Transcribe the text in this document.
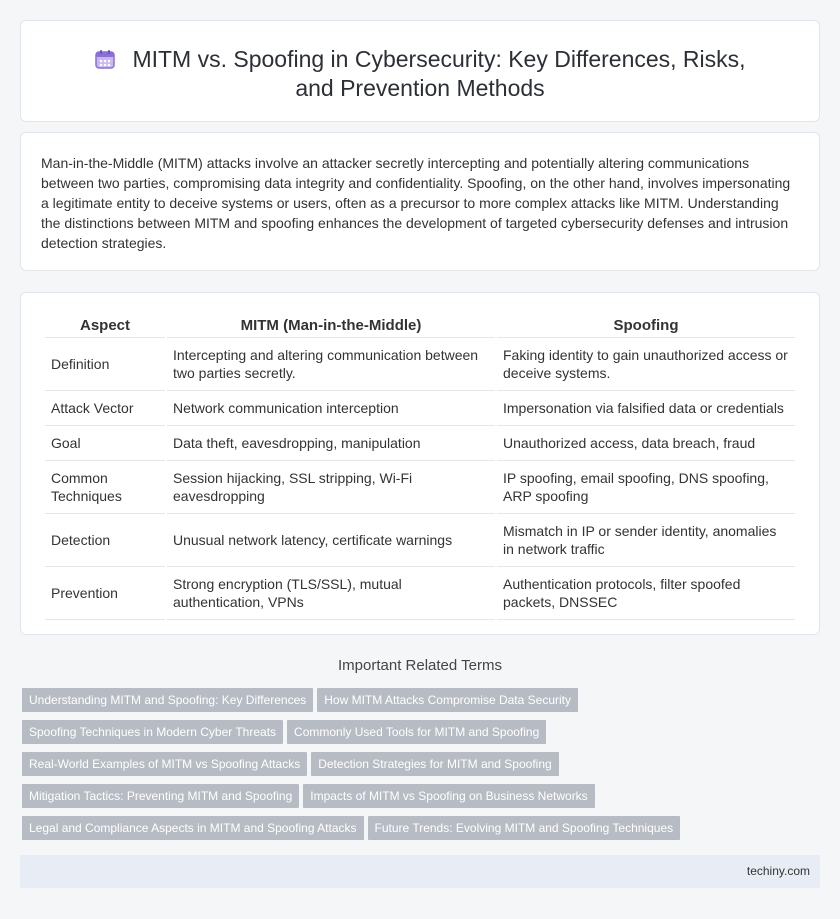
MITM vs. Spoofing in Cybersecurity: Key Differences, Risks, and Prevention Methods

Man-in-the-Middle (MITM) attacks involve an attacker secretly intercepting and potentially altering communications between two parties, compromising data integrity and confidentiality. Spoofing, on the other hand, involves impersonating a legitimate entity to deceive systems or users, often as a precursor to more complex attacks like MITM. Understanding the distinctions between MITM and spoofing enhances the development of targeted cybersecurity defenses and intrusion detection strategies.

Aspect	MITM (Man-in-the-Middle)	Spoofing
Definition	Intercepting and altering communication between two parties secretly.	Faking identity to gain unauthorized access or deceive systems.
Attack Vector	Network communication interception	Impersonation via falsified data or credentials
Goal	Data theft, eavesdropping, manipulation	Unauthorized access, data breach, fraud
Common Techniques	Session hijacking, SSL stripping, Wi-Fi eavesdropping	IP spoofing, email spoofing, DNS spoofing, ARP spoofing
Detection	Unusual network latency, certificate warnings	Mismatch in IP or sender identity, anomalies in network traffic
Prevention	Strong encryption (TLS/SSL), mutual authentication, VPNs	Authentication protocols, filter spoofed packets, DNSSEC
Important Related Terms
Understanding MITM and Spoofing: Key Differences How MITM Attacks Compromise Data Security
Spoofing Techniques in Modern Cyber Threats Commonly Used Tools for MITM and Spoofing
Real-World Examples of MITM vs Spoofing Attacks Detection Strategies for MITM and Spoofing
Mitigation Tactics: Preventing MITM and Spoofing Impacts of MITM vs Spoofing on Business Networks
Legal and Compliance Aspects in MITM and Spoofing Attacks Future Trends: Evolving MITM and Spoofing Techniques
techiny.com
